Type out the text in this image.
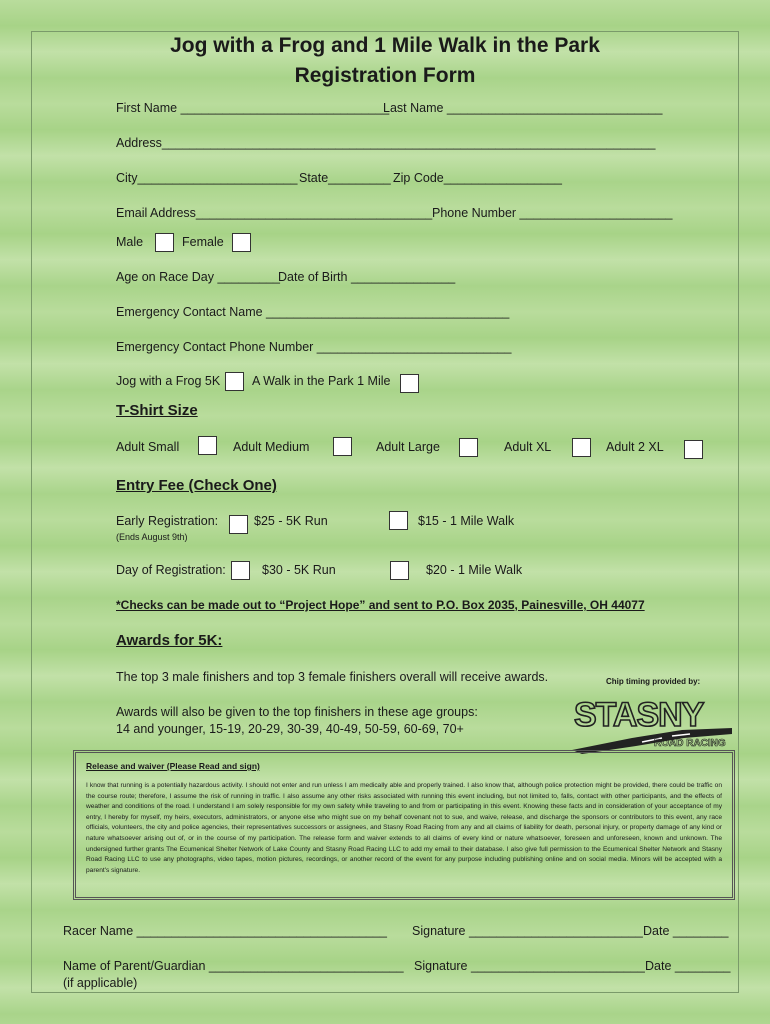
Jog with a Frog and 1 Mile Walk in the Park
Registration Form
First Name ______________________________
Last Name _______________________________
Address_______________________________________________________________________
City_______________________ State_________ Zip Code_________________
Email Address__________________________________ Phone Number ______________________
Male	Female
Age on Race Day _________
Date of Birth _______________
Emergency Contact Name ___________________________________
Emergency Contact Phone Number ____________________________
Jog with a Frog 5K	A Walk in the Park 1 Mile
T-Shirt Size
Adult Small	Adult Medium	Adult Large	Adult XL	Adult 2 XL
Entry Fee (Check One)
Early Registration:	$25 - 5K Run	$15 - 1 Mile Walk
(Ends August 9th)
Day of Registration:	$30 - 5K Run	$20 - 1 Mile Walk
*Checks can be made out to “Project Hope” and sent to P.O. Box 2035, Painesville, OH 44077
Awards for 5K:
The top 3 male finishers and top 3 female finishers overall will receive awards.
Awards will also be given to the top finishers in these age groups:
14 and younger, 15-19, 20-29, 30-39, 40-49, 50-59, 60-69, 70+
Chip timing provided by:
STASNY
ROAD RACING
Release and waiver (Please Read and sign)
I know that running is a potentially hazardous activity. I should not enter and run unless I am medically able and properly trained. I also know that, although police protection might be provided, there could be traffic on the course route; therefore, I assume the risk of running in traffic. I also assume any other risks associated with running this event including, but not limited to, falls, contact with other participants, and the effects of weather and conditions of the road. I understand I am solely responsible for my own safety while traveling to and from or participating in this event. Knowing these facts and in consideration of your acceptance of my entry, I hereby for myself, my heirs, executors, administrators, or anyone else who might sue on my behalf covenant not to sue, and waive, release, and discharge the sponsors or contributors to this event, any race officials, volunteers, the city and police agencies, their representatives successors or assignees, and Stasny Road Racing from any and all claims of liability for death, personal injury, or property damage of any kind or nature whatsoever arising out of, or in the course of my participation. The release form and waiver extends to all claims of every kind or nature whatsoever, foreseen and unforeseen, known and unknown. The undersigned further grants The Ecumenical Shelter Network of Lake County and Stasny Road Racing LLC to add my email to their database. I also give full permission to the Ecumenical Shelter Network and Stasny Road Racing LLC to use any photographs, video tapes, motion pictures, recordings, or another record of the event for any purpose including publishing online and on social media. Minors will be accepted with a parent's signature.
Racer Name ____________________________________ Signature _________________________ Date ________
Name of Parent/Guardian ____________________________ Signature _________________________ Date ________
(if applicable)
